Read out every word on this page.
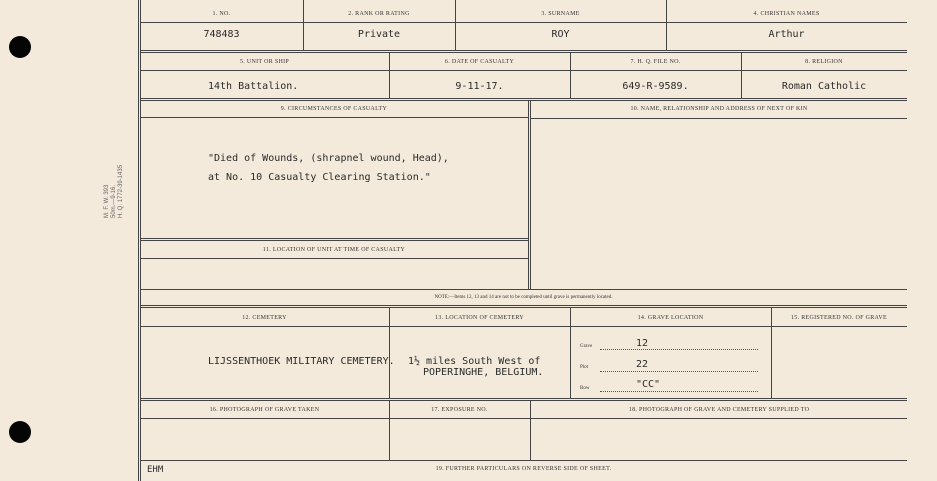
M. F. W. 393 50m.—9-16. H. Q. 1772-39-1435
1. NO.	2. RANK OR RATING	3. SURNAME	4. CHRISTIAN NAMES
748483	Private	ROY	Arthur
5. UNIT OR SHIP	6. DATE OF CASUALTY	7. H. Q. FILE NO.	8. RELIGION
14th Battalion.	9-11-17.	649-R-9589.	Roman Catholic
9. CIRCUMSTANCES OF CASUALTY	10. NAME, RELATIONSHIP AND ADDRESS OF NEXT OF KIN
"Died of Wounds, (shrapnel wound, Head),
at No. 10 Casualty Clearing Station."
11. LOCATION OF UNIT AT TIME OF CASUALTY
NOTE:—Items 12, 13 and 14 are not to be completed until grave is permanently located.
12. CEMETERY	13. LOCATION OF CEMETERY	14. GRAVE LOCATION	15. REGISTERED NO. OF GRAVE
LIJSSENTHOEK MILITARY CEMETERY. 1½ miles South West of
POPERINGHE, BELGIUM.
Grave	12
Plot	22
Row	"CC"
16. PHOTOGRAPH OF GRAVE TAKEN	17. EXPOSURE NO.	18. PHOTOGRAPH OF GRAVE AND CEMETERY SUPPLIED TO
EHM	19. FURTHER PARTICULARS ON REVERSE SIDE OF SHEET.
